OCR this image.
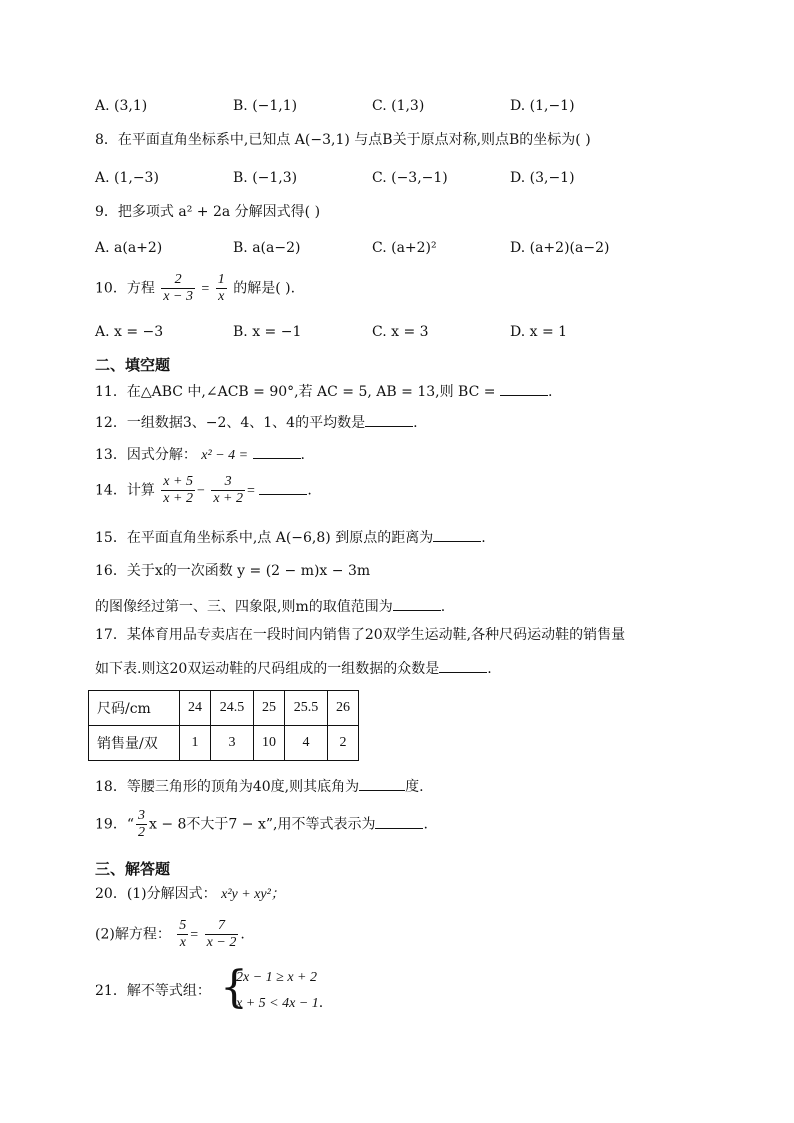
A. (3,1)	B. (−1,1)	C. (1,3)	D. (1,−1)
8．在平面直角坐标系中,已知点 A(−3,1) 与点B关于原点对称,则点B的坐标为( )
A. (1,−3)	B. (−1,3)	C. (−3,−1)	D. (3,−1)
9．把多项式 a² + 2a 分解因式得( )
A. a(a+2)	B. a(a−2)	C. (a+2)²	D. (a+2)(a−2)
10．方程 $\frac{2}{x - 3} = \frac{1}{x}$ 的解是( ).
A. x = −3	B. x = −1	C. x = 3	D. x = 1
二、填空题
11．在△ABC 中,∠ACB = 90°,若 AC = 5, AB = 13,则 BC =	.
12．一组数据3、−2、4、1、4的平均数是	.
13．因式分解： x² − 4 =	.
14．计算 $\frac{x + 5}{x + 2} - \frac{3}{x + 2}$ =	.
15．在平面直角坐标系中,点 A(−6,8) 到原点的距离为	.
16．关于x的一次函数 y = (2 − m)x − 3m
的图像经过第一、三、四象限,则m的取值范围为	.
17．某体育用品专卖店在一段时间内销售了20双学生运动鞋,各种尺码运动鞋的销售量
如下表.则这20双运动鞋的尺码组成的一组数据的众数是	.
尺码/cm	24	24.5	25	25.5	26
销售量/双	1	3	10	4	2
18．等腰三角形的顶角为40度,则其底角为	度.
19．“ $\frac{3}{2}$ x − 8不大于7 − x”,用不等式表示为	.
三、解答题
20．(1)分解因式： x²y + xy²；
(2)解方程： $\frac{5}{x} = \frac{7}{x - 2}$ .
21．解不等式组： {
2x − 1 ≥ x + 2
x + 5 < 4x − 1.
